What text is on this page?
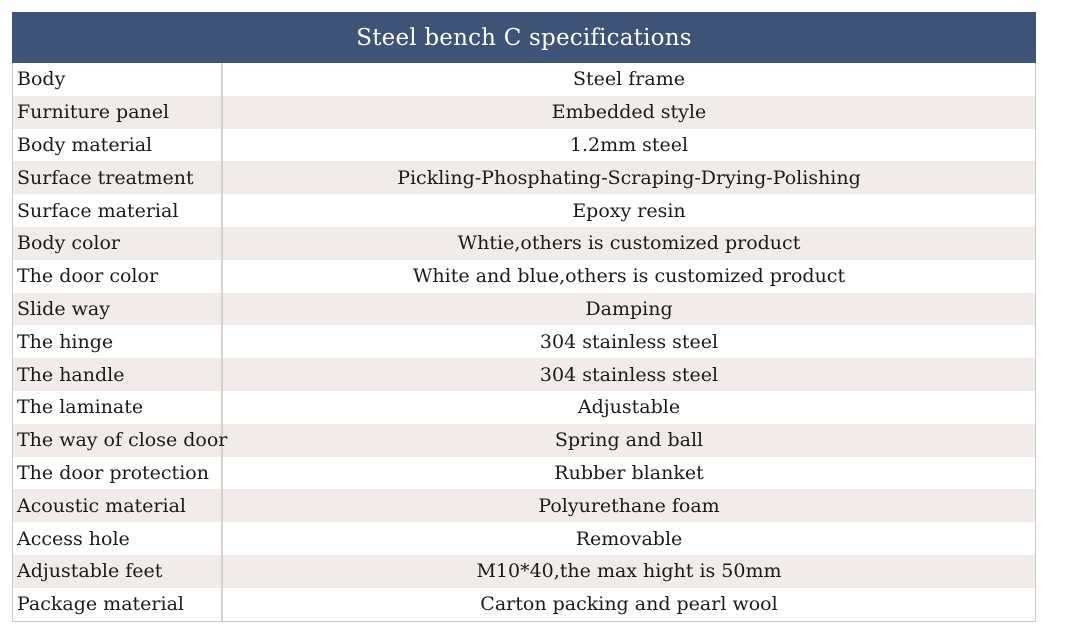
Steel bench C specifications
Body	Steel frame
Furniture panel	Embedded style
Body material	1.2mm steel
Surface treatment	Pickling-Phosphating-Scraping-Drying-Polishing
Surface material	Epoxy resin
Body color	Whtie,others is customized product
The door color	White and blue,others is customized product
Slide way	Damping
The hinge	304 stainless steel
The handle	304 stainless steel
The laminate	Adjustable
The way of close door	Spring and ball
The door protection	Rubber blanket
Acoustic material	Polyurethane foam
Access hole	Removable
Adjustable feet	M10*40,the max hight is 50mm
Package material	Carton packing and pearl wool
